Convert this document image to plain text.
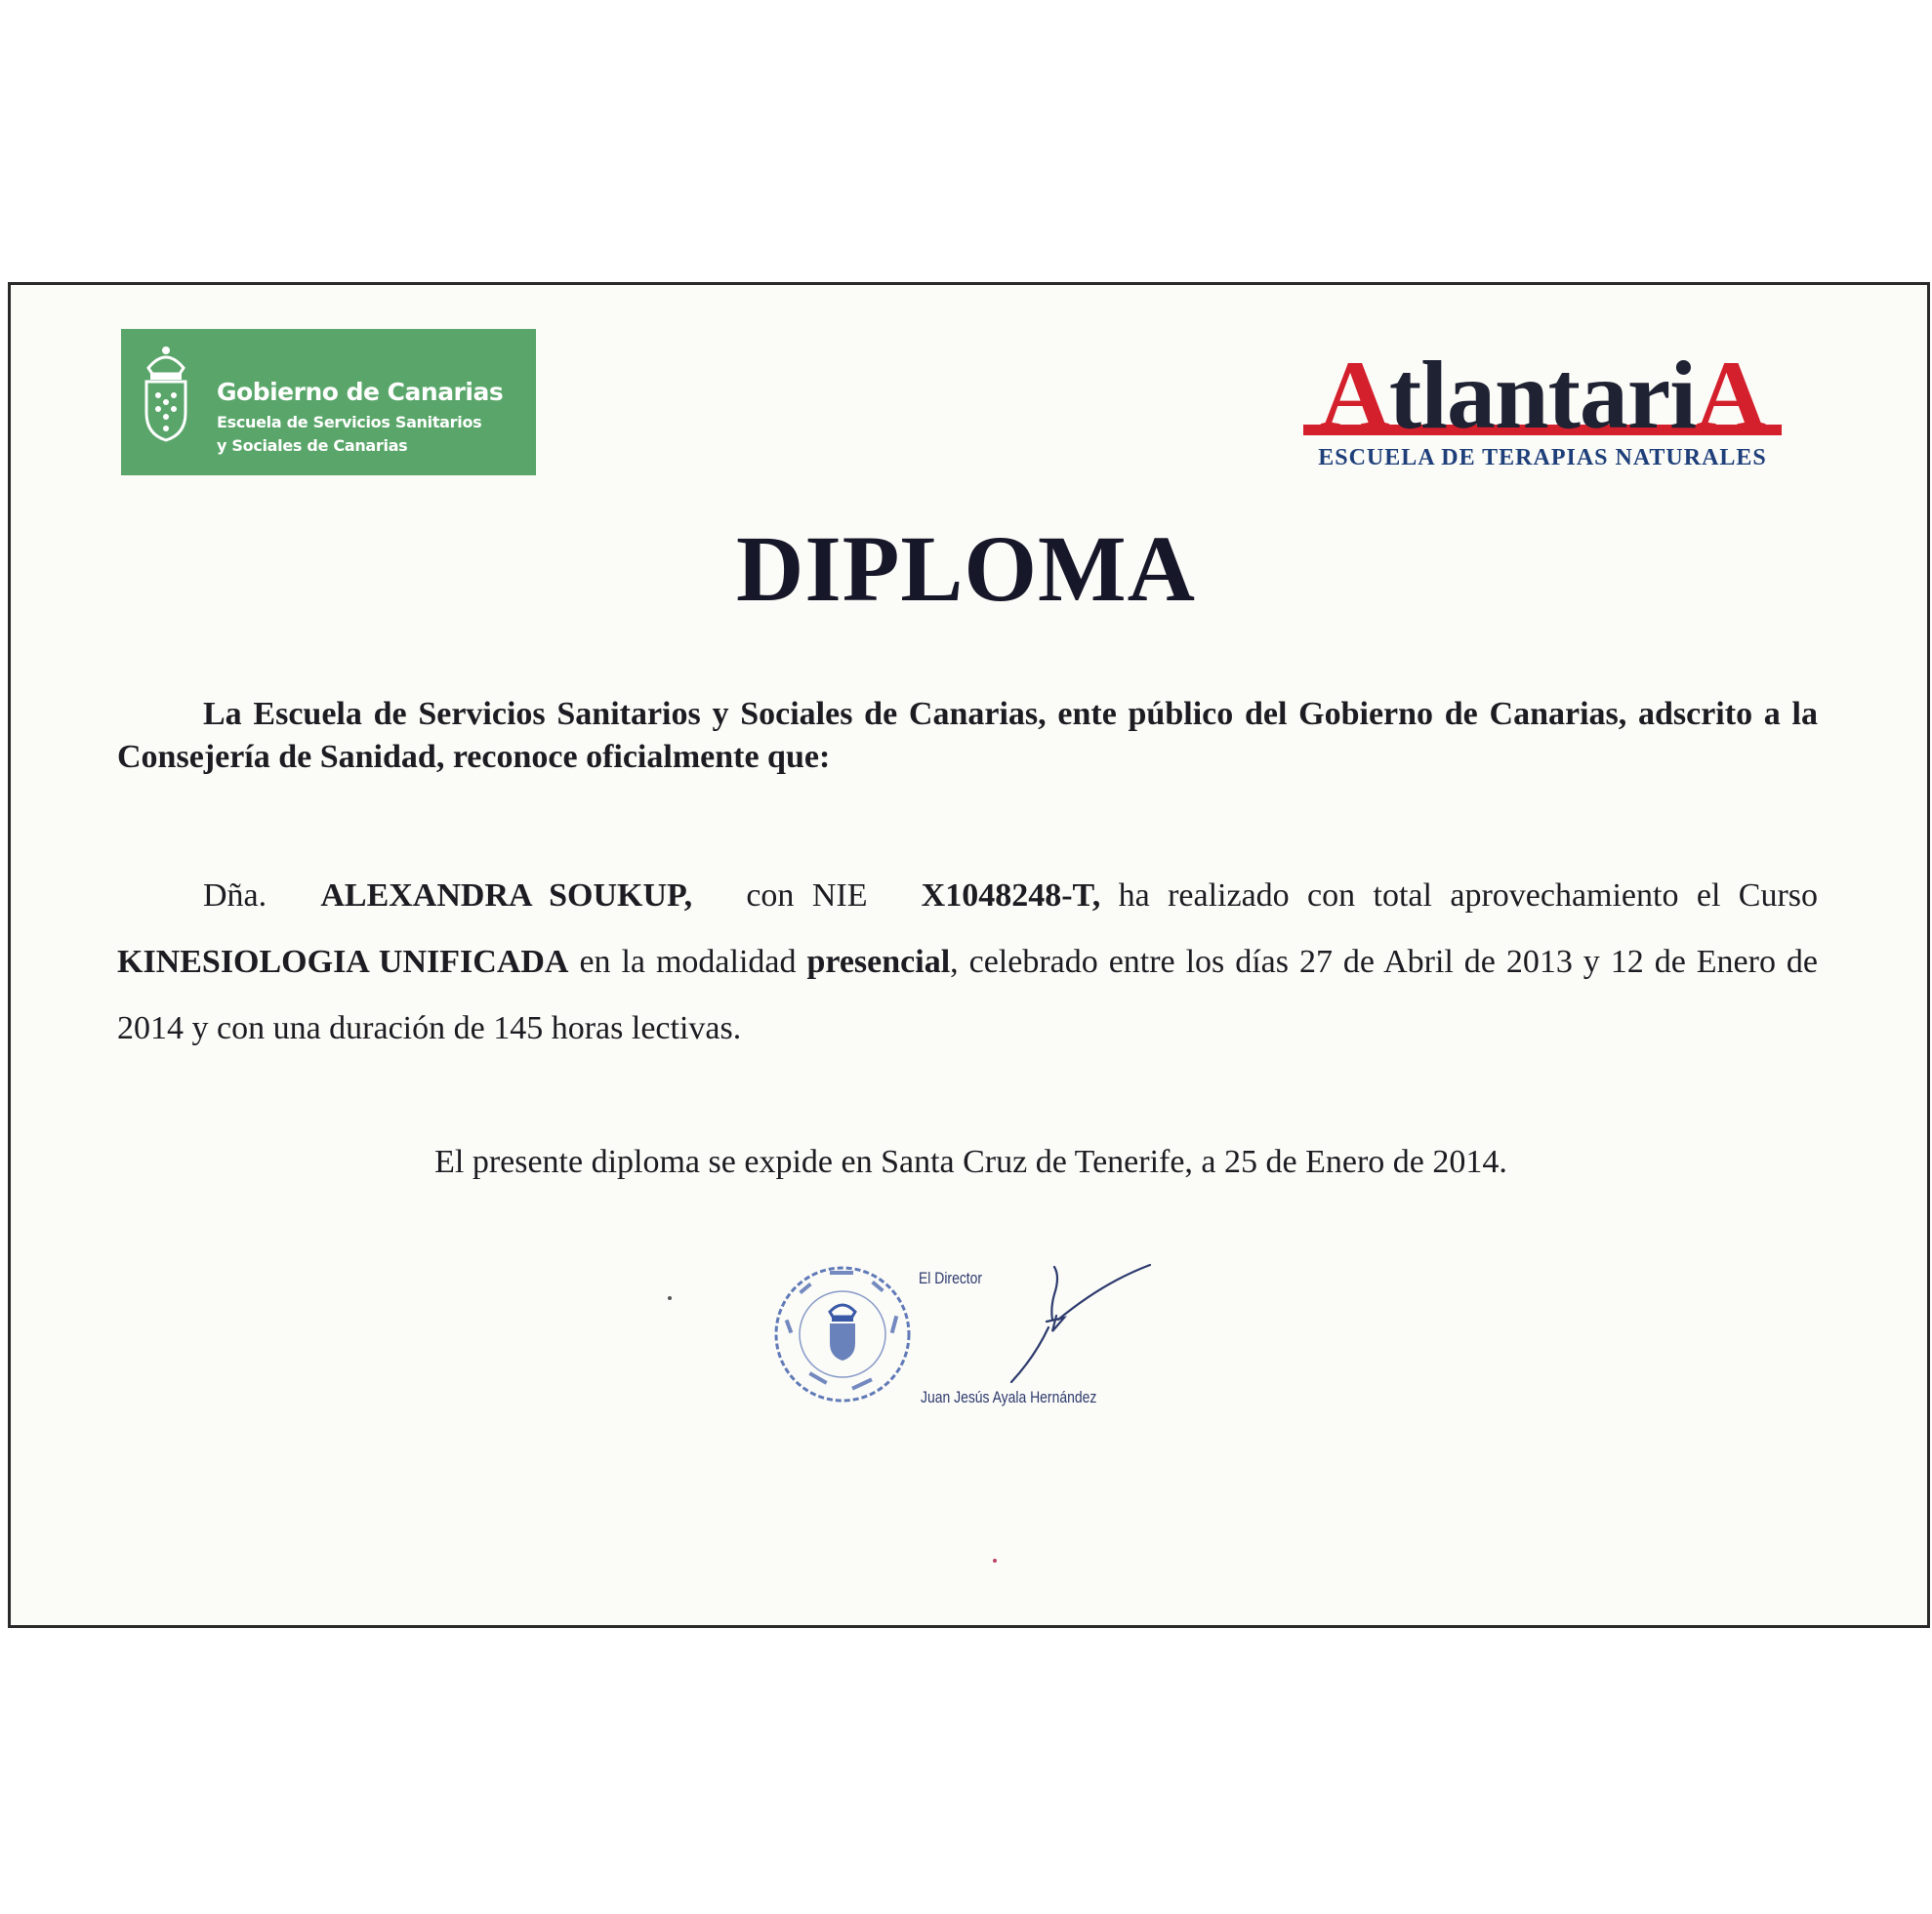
Gobierno de Canarias
Escuela de Servicios Sanitarios
y Sociales de Canarias	AtlantariA
ESCUELA DE TERAPIAS NATURALES
DIPLOMA
La Escuela de Servicios Sanitarios y Sociales de Canarias, ente público del Gobierno de Canarias, adscrito a la Consejería de Sanidad, reconoce oficialmente que:
Dña. ALEXANDRA SOUKUP, con NIE X1048248-T, ha realizado con total aprovechamiento el Curso KINESIOLOGIA UNIFICADA en la modalidad presencial, celebrado entre los días 27 de Abril de 2013 y 12 de Enero de 2014 y con una duración de 145 horas lectivas.
El presente diploma se expide en Santa Cruz de Tenerife, a 25 de Enero de 2014.
El Director
Juan Jesús Ayala Hernández
